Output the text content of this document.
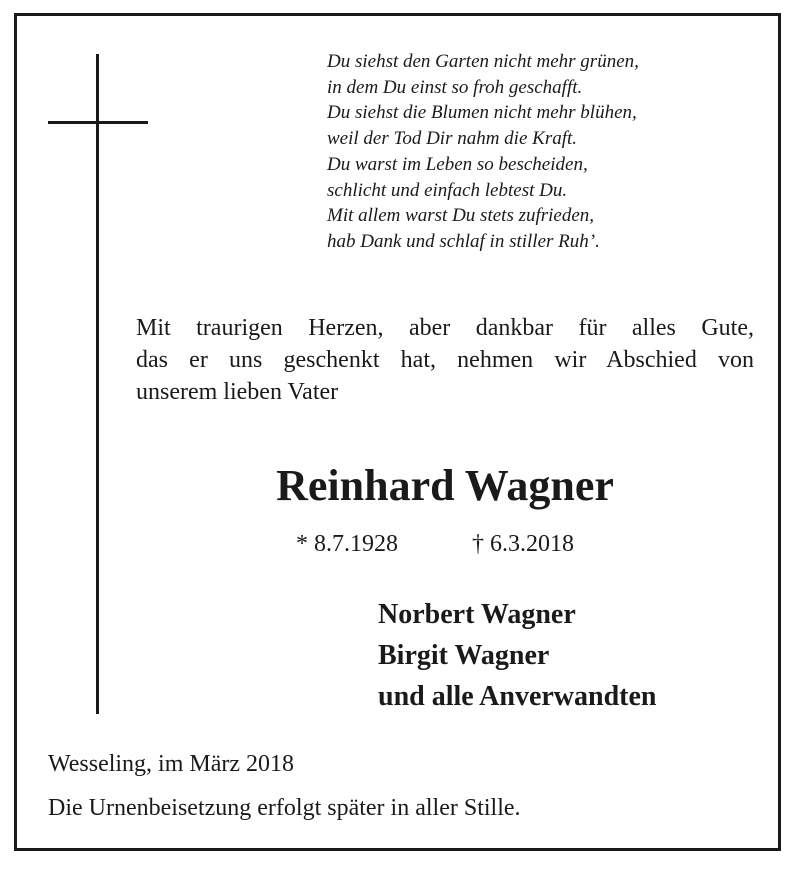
Du siehst den Garten nicht mehr grünen,
in dem Du einst so froh geschafft.
Du siehst die Blumen nicht mehr blühen,
weil der Tod Dir nahm die Kraft.
Du warst im Leben so bescheiden,
schlicht und einfach lebtest Du.
Mit allem warst Du stets zufrieden,
hab Dank und schlaf in stiller Ruh’.
Mit traurigen Herzen, aber dankbar für alles Gute,
das er uns geschenkt hat, nehmen wir Abschied von
unserem lieben Vater
Reinhard Wagner
* 8.7.1928	† 6.3.2018
Norbert Wagner
Birgit Wagner
und alle Anverwandten
Wesseling, im März 2018
Die Urnenbeisetzung erfolgt später in aller Stille.
